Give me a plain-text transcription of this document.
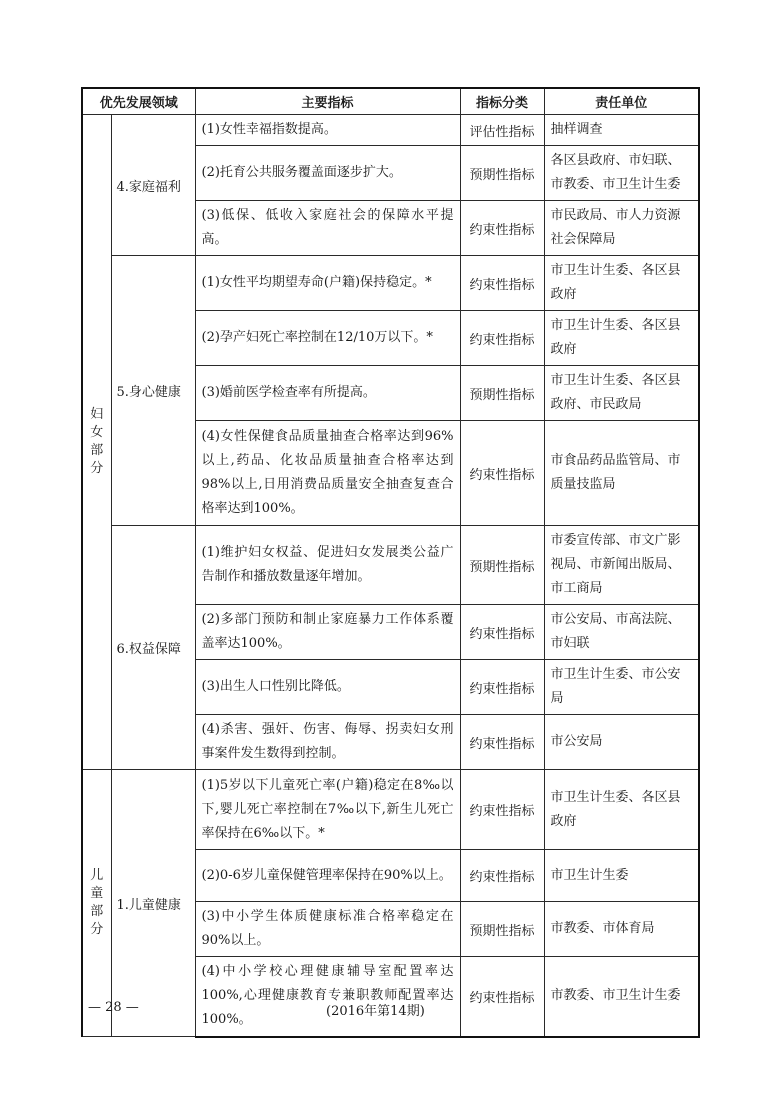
优先发展领域		主要指标	指标分类	责任单位

妇女部分	4.家庭福利	(1)女性幸福指数提高。	评估性指标	抽样调查
		(2)托育公共服务覆盖面逐步扩大。	预期性指标	各区县政府、市妇联、市教委、市卫生计生委
		(3)低保、低收入家庭社会的保障水平提高。	约束性指标	市民政局、市人力资源社会保障局
	5.身心健康	(1)女性平均期望寿命(户籍)保持稳定。*	约束性指标	市卫生计生委、各区县政府
		(2)孕产妇死亡率控制在12/10万以下。*	约束性指标	市卫生计生委、各区县政府
		(3)婚前医学检查率有所提高。	预期性指标	市卫生计生委、各区县政府、市民政局
		(4)女性保健食品质量抽查合格率达到96%以上,药品、化妆品质量抽查合格率达到98%以上,日用消费品质量安全抽查复查合格率达到100%。	约束性指标	市食品药品监管局、市质量技监局
	6.权益保障	(1)维护妇女权益、促进妇女发展类公益广告制作和播放数量逐年增加。	预期性指标	市委宣传部、市文广影视局、市新闻出版局、市工商局
		(2)多部门预防和制止家庭暴力工作体系覆盖率达100%。	约束性指标	市公安局、市高法院、市妇联
		(3)出生人口性别比降低。	约束性指标	市卫生计生委、市公安局
		(4)杀害、强奸、伤害、侮辱、拐卖妇女刑事案件发生数得到控制。	约束性指标	市公安局

儿童部分	1.儿童健康	(1)5岁以下儿童死亡率(户籍)稳定在8‰以下,婴儿死亡率控制在7‰以下,新生儿死亡率保持在6‰以下。*	约束性指标	市卫生计生委、各区县政府
		(2)0-6岁儿童保健管理率保持在90%以上。	约束性指标	市卫生计生委
		(3)中小学生体质健康标准合格率稳定在90%以上。	预期性指标	市教委、市体育局
		(4)中小学校心理健康辅导室配置率达100%,心理健康教育专兼职教师配置率达100%。	约束性指标	市教委、市卫生计生委
— 28 —	(2016年第14期)
